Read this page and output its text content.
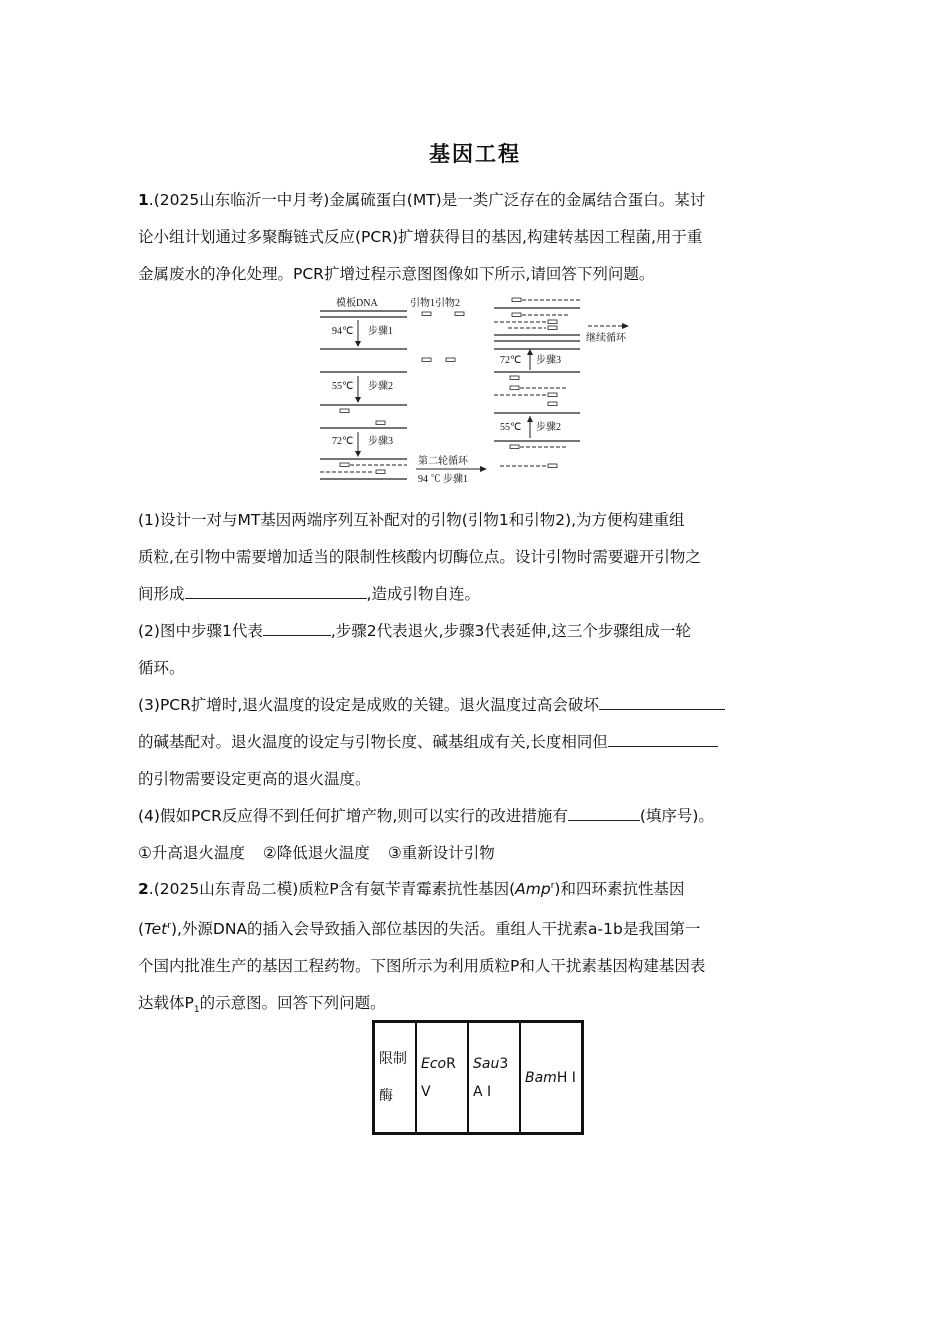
基因工程
1.(2025山东临沂一中月考)金属硫蛋白(MT)是一类广泛存在的金属结合蛋白。某讨
论小组计划通过多聚酶链式反应(PCR)扩增获得目的基因,构建转基因工程菌,用于重
金属废水的净化处理。PCR扩增过程示意图图像如下所示,请回答下列问题。
模板DNA	引物1引物2
94℃ 步骤1
55℃ 步骤2
72℃ 步骤3
第二轮循环
94 ℃ 步骤1
继续循环
72℃ 步骤3
55℃ 步骤2
(1)设计一对与MT基因两端序列互补配对的引物(引物1和引物2),为方便构建重组
质粒,在引物中需要增加适当的限制性核酸内切酶位点。设计引物时需要避开引物之
间形成	,造成引物自连。
(2)图中步骤1代表	,步骤2代表退火,步骤3代表延伸,这三个步骤组成一轮
循环。
(3)PCR扩增时,退火温度的设定是成败的关键。退火温度过高会破坏
的碱基配对。退火温度的设定与引物长度、碱基组成有关,长度相同但
的引物需要设定更高的退火温度。
(4)假如PCR反应得不到任何扩增产物,则可以实行的改进措施有	(填序号)。
①升高退火温度 ②降低退火温度 ③重新设计引物
2.(2025山东青岛二模)质粒P含有氨苄青霉素抗性基因(Amp$^r$)和四环素抗性基因
(Tet$^r$),外源DNA的插入会导致插入部位基因的失活。重组人干扰素a-1b是我国第一
个国内批准生产的基因工程药物。下图所示为利用质粒P和人干扰素基因构建基因表
达载体$P_1$的示意图。回答下列问题。
限制酶	EcoR Ⅴ	Sau3 A Ⅰ	BamH Ⅰ
